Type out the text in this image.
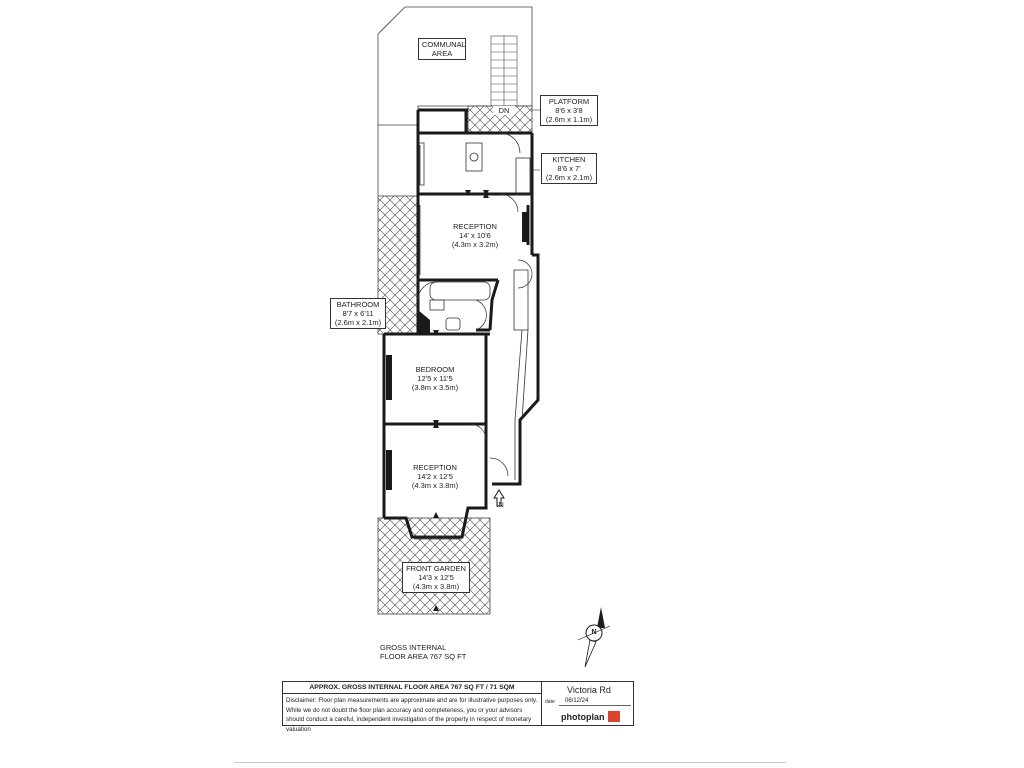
COMMUNAL
AREA
PLATFORM
8'6 x 3'8
(2.6m x 1.1m)
DN
KITCHEN
8'6 x 7'
(2.6m x 2.1m)
RECEPTION
14' x 10'6
(4.3m x 3.2m)
BATHROOM
8'7 x 6'11
(2.6m x 2.1m)
BEDROOM
12'5 x 11'5
(3.8m x 3.5m)
RECEPTION
14'2 x 12'5
(4.3m x 3.8m)
IN
FRONT GARDEN
14'3 x 12'5
(4.3m x 3.8m)
N
GROSS INTERNAL
FLOOR AREA 767 SQ FT
APPROX. GROSS INTERNAL FLOOR AREA 767 SQ FT / 71 SQM
Disclaimer: Floor plan measurements are approximate and are for illustrative purposes only. While we do not doubt the floor plan accuracy and completeness, you or your advisors should conduct a careful, independent investigation of the property in respect of monetary valuation
Victoria Rd
date 06/12/24
photoplan
